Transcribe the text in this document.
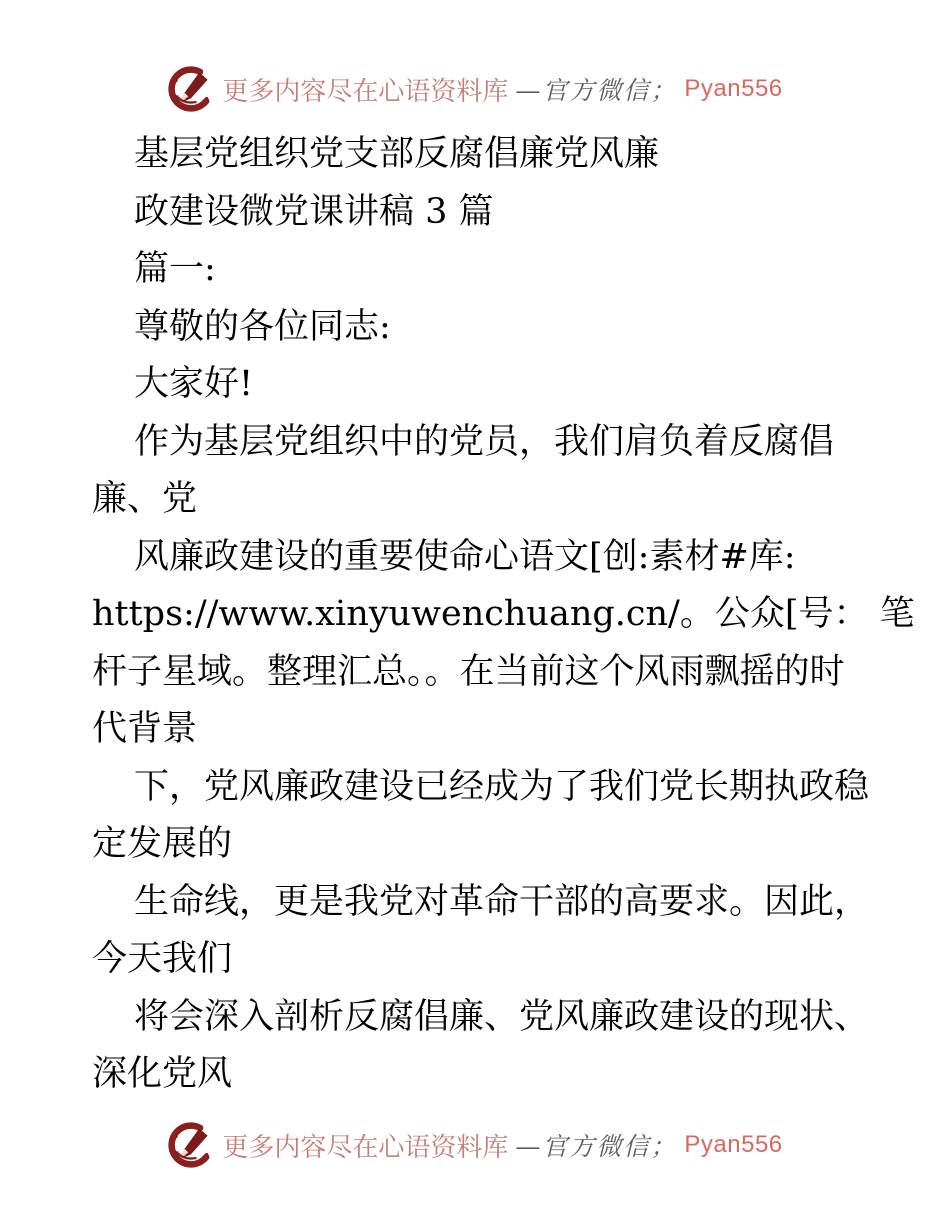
更多内容尽在心语资料库 —官方微信； Pyan556
基层党组织党支部反腐倡廉党风廉
政建设微党课讲稿 3 篇
篇一:
尊敬的各位同志:
大家好!
作为基层党组织中的党员，我们肩负着反腐倡
廉、党
风廉政建设的重要使命心语文[创:素材#库:
https://www.xinyuwenchuang.cn/。公众[号： 笔
杆子星域。整理汇总。。在当前这个风雨飘摇的时
代背景
下，党风廉政建设已经成为了我们党长期执政稳
定发展的
生命线，更是我党对革命干部的高要求。因此，
今天我们
将会深入剖析反腐倡廉、党风廉政建设的现状、
深化党风
更多内容尽在心语资料库 —官方微信； Pyan556
